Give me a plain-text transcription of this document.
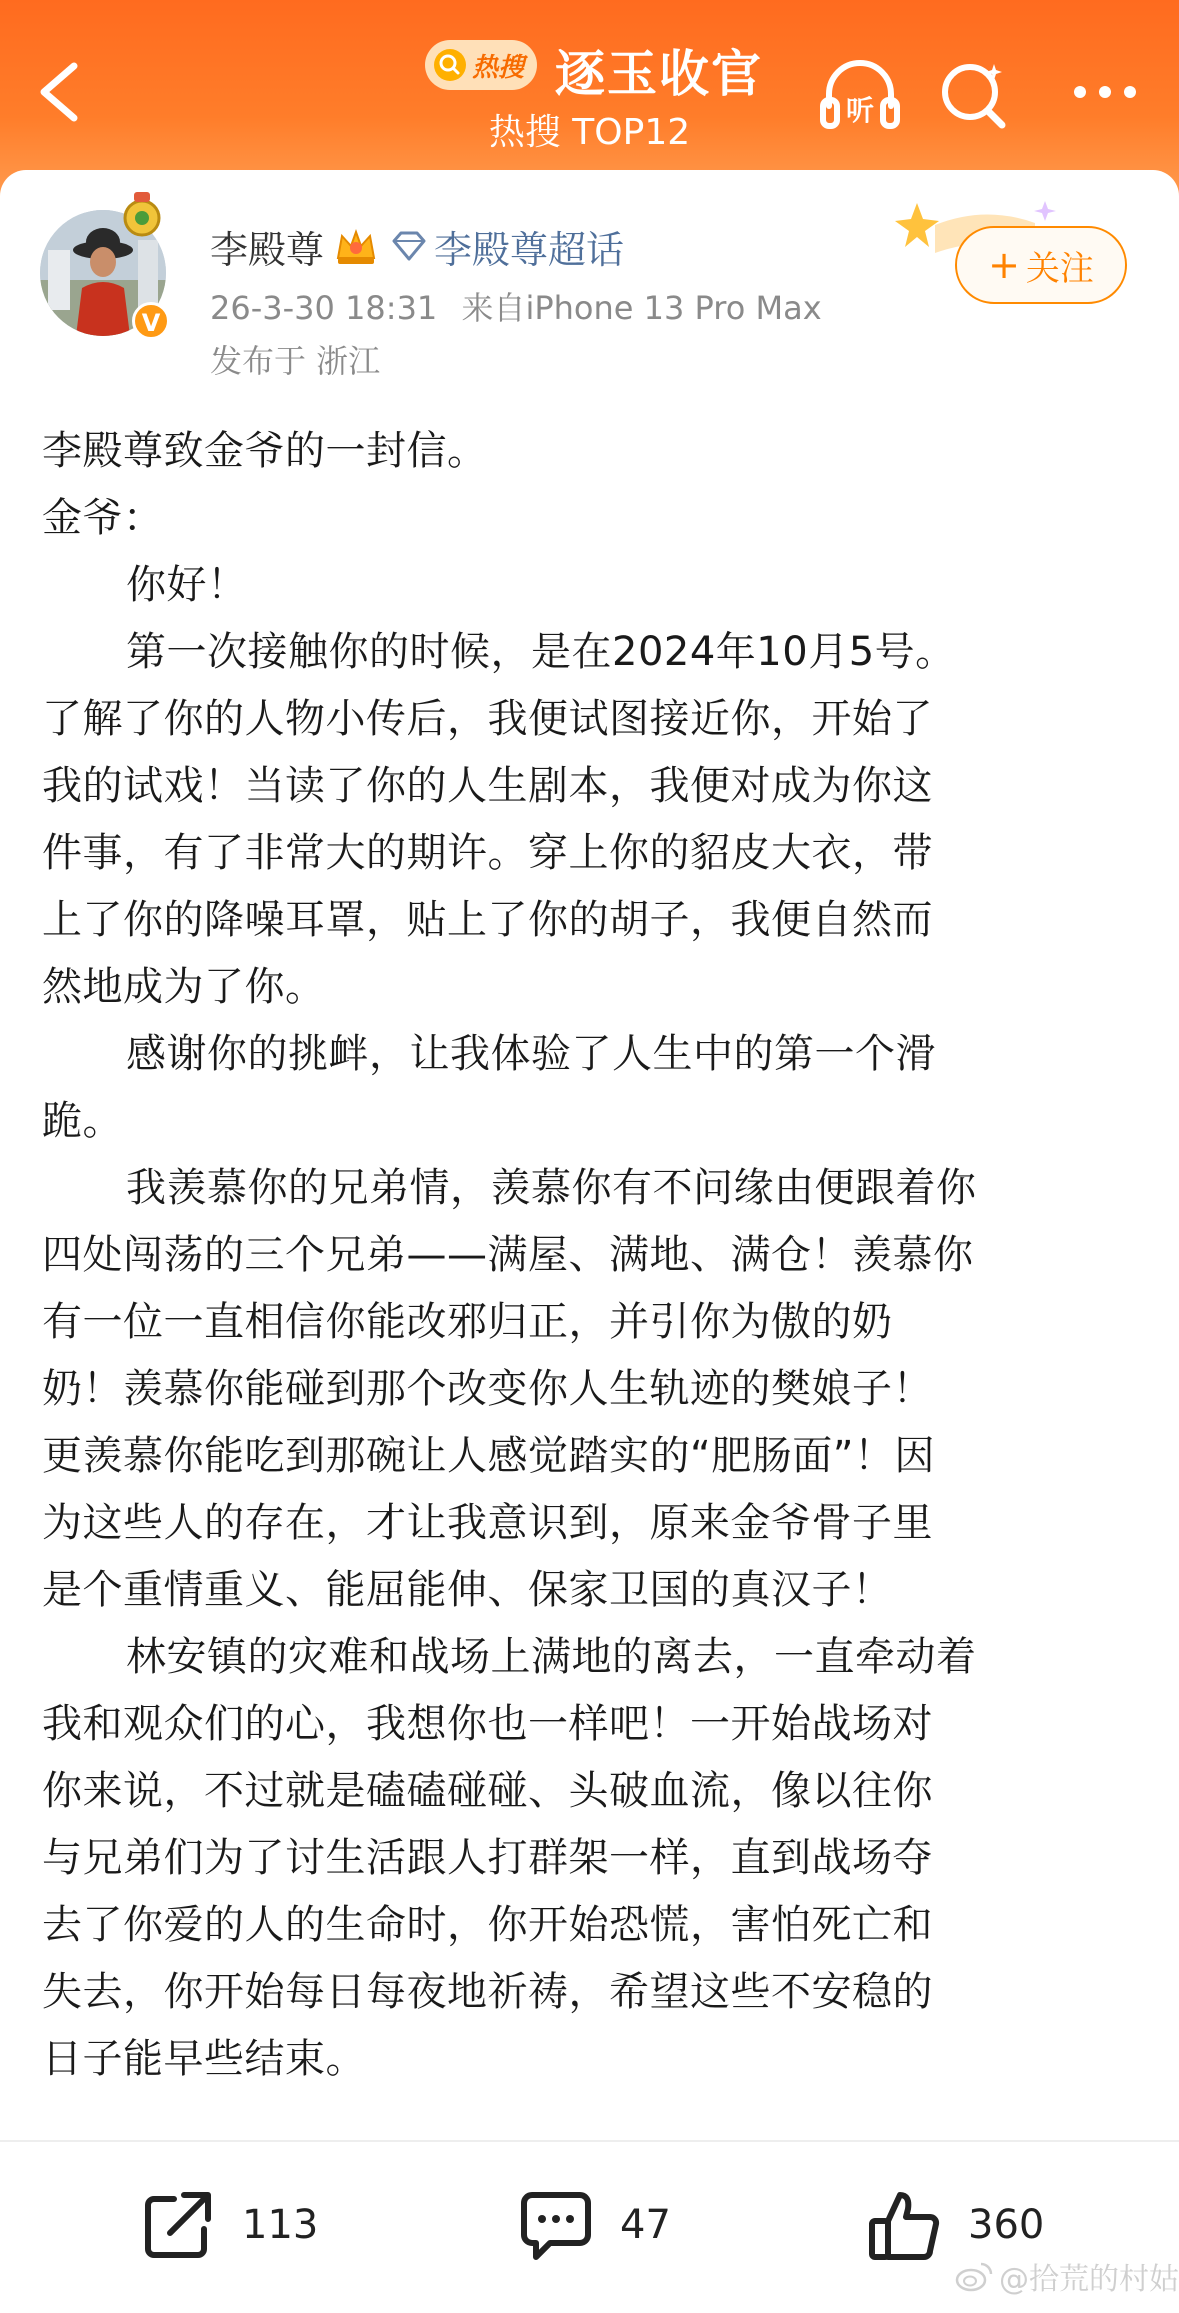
热搜 逐玉收官
热搜 TOP12
听
V
李殿尊	李殿尊超话
26-3-30 18:31 来自iPhone 13 Pro Max
发布于 浙江
+ 关注

李殿尊致金爷的一封信。

金爷：

你好！

第一次接触你的时候，是在2024年10月5号。

了解了你的人物小传后，我便试图接近你，开始了

我的试戏！当读了你的人生剧本，我便对成为你这

件事，有了非常大的期许。穿上你的貂皮大衣，带

上了你的降噪耳罩，贴上了你的胡子，我便自然而

然地成为了你。

感谢你的挑衅，让我体验了人生中的第一个滑

跪。

我羡慕你的兄弟情，羡慕你有不问缘由便跟着你

四处闯荡的三个兄弟——满屋、满地、满仓！羡慕你

有一位一直相信你能改邪归正，并引你为傲的奶

奶！羡慕你能碰到那个改变你人生轨迹的樊娘子！

更羡慕你能吃到那碗让人感觉踏实的“肥肠面”！因

为这些人的存在，才让我意识到，原来金爷骨子里

是个重情重义、能屈能伸、保家卫国的真汉子！

林安镇的灾难和战场上满地的离去，一直牵动着

我和观众们的心，我想你也一样吧！一开始战场对

你来说，不过就是磕磕碰碰、头破血流，像以往你

与兄弟们为了讨生活跟人打群架一样，直到战场夺

去了你爱的人的生命时，你开始恐慌，害怕死亡和

失去，你开始每日每夜地祈祷，希望这些不安稳的

日子能早些结束。

113	47	360
@拾荒的村姑
